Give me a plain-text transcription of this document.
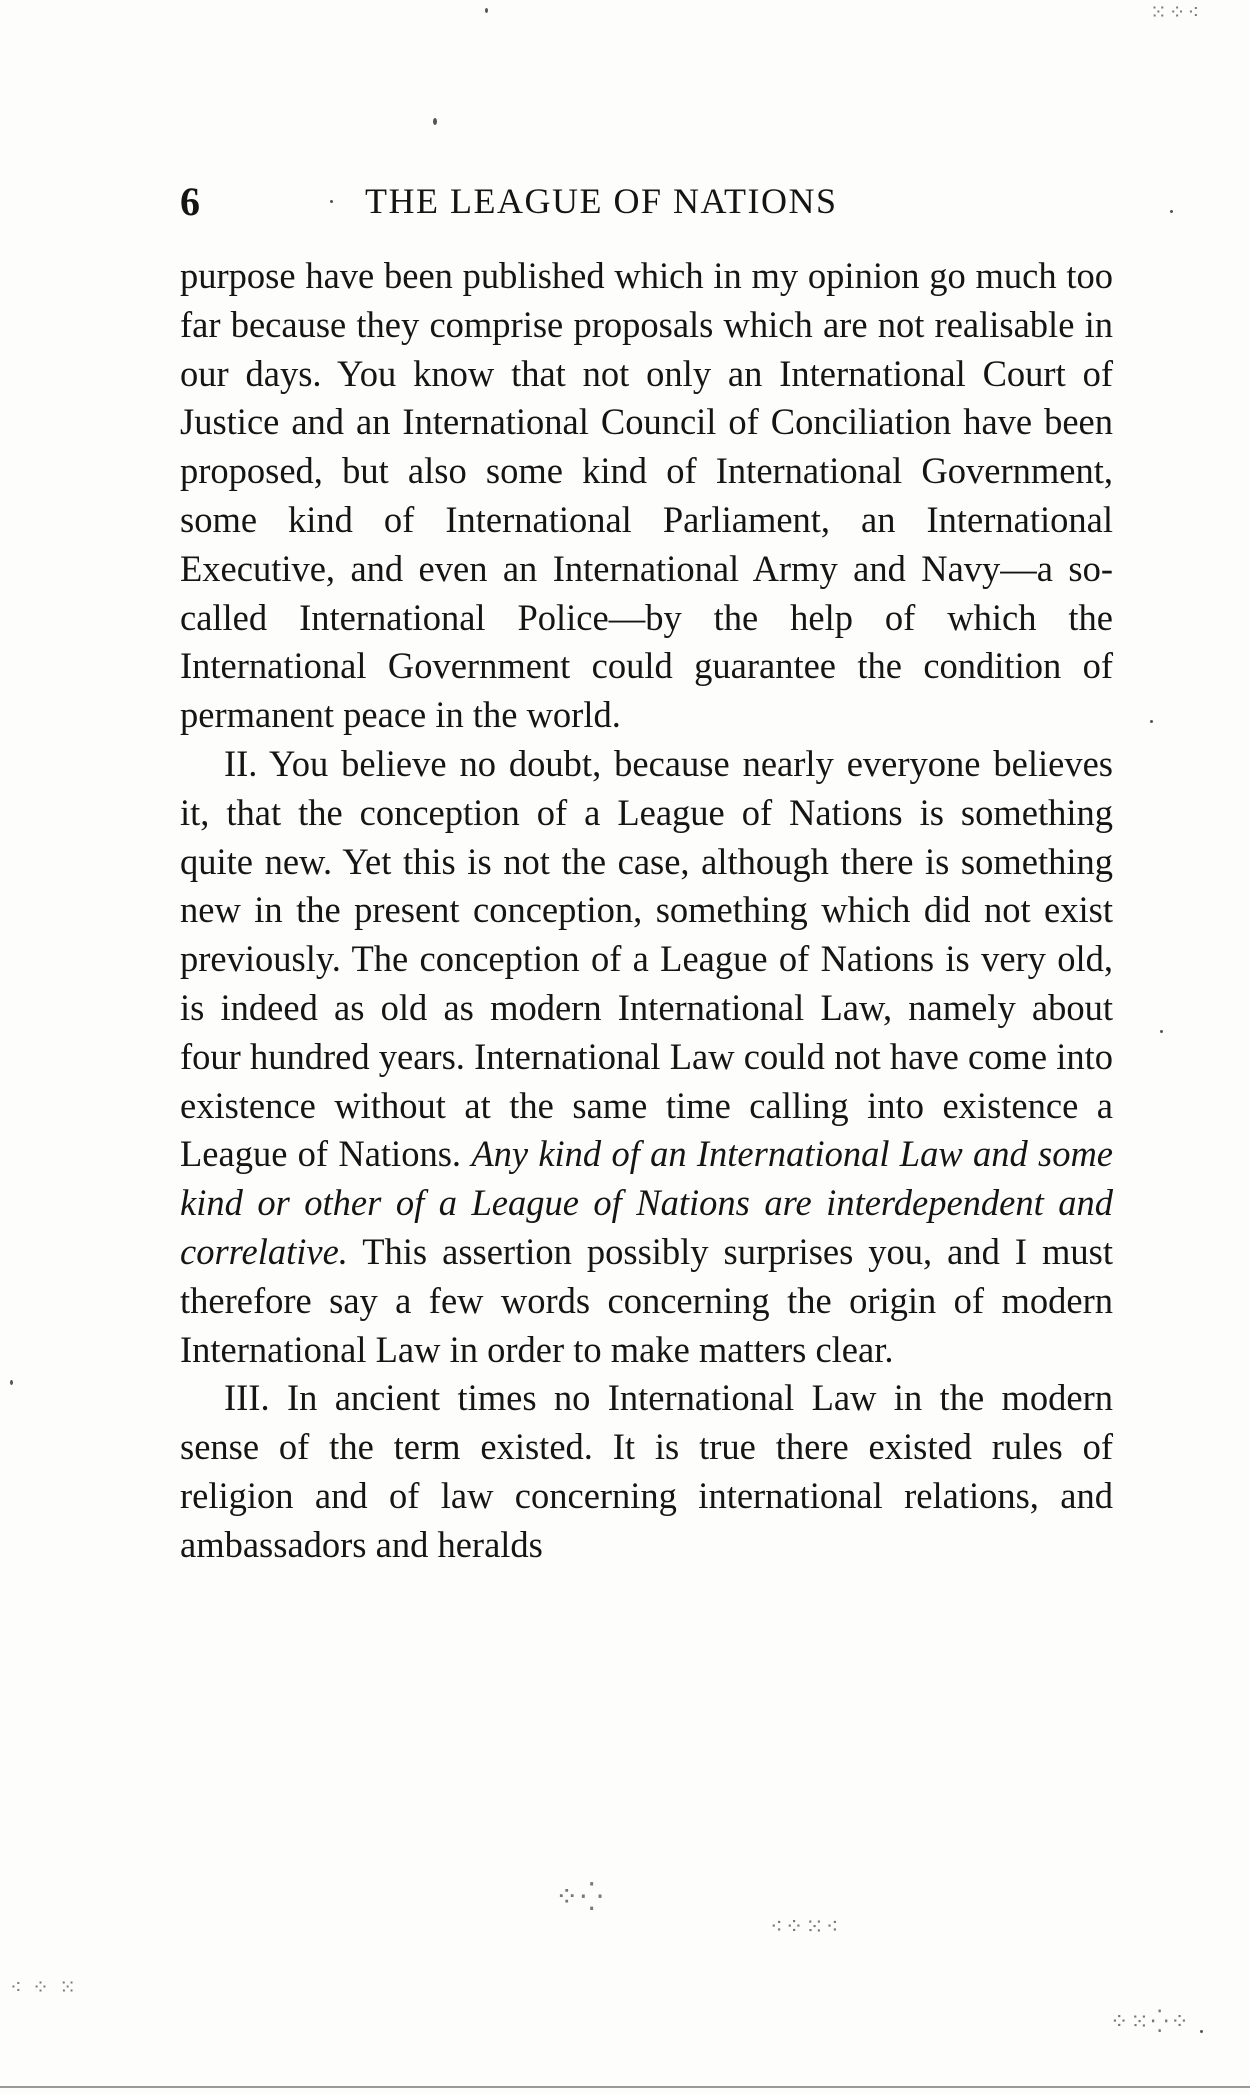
6	THE LEAGUE OF NATIONS

purpose have been published which in my opinion go much too far because they comprise proposals which are not realisable in our days. You know that not only an International Court of Justice and an International Council of Conciliation have been proposed, but also some kind of International Government, some kind of International Parliament, an International Executive, and even an International Army and Navy—a so-called International Police—by the help of which the International Government could guarantee the condition of permanent peace in the world.

II. You believe no doubt, because nearly everyone believes it, that the conception of a League of Nations is something quite new. Yet this is not the case, although there is something new in the present conception, something which did not exist previously. The conception of a League of Nations is very old, is indeed as old as modern International Law, namely about four hundred years. International Law could not have come into existence without at the same time calling into existence a League of Nations. Any kind of an International Law and some kind or other of a League of Nations are interdependent and correlative. This assertion possibly surprises you, and I must therefore say a few words concerning the origin of modern International Law in order to make matters clear.

III. In ancient times no International Law in the modern sense of the term existed. It is true there existed rules of religion and of law concerning international relations, and ambassadors and heralds

⁘⁛
⁖⁘⁙⁖
⁘⁙⁛⁘
⁙⁘⁖
⁖ ⁘ ⁙
